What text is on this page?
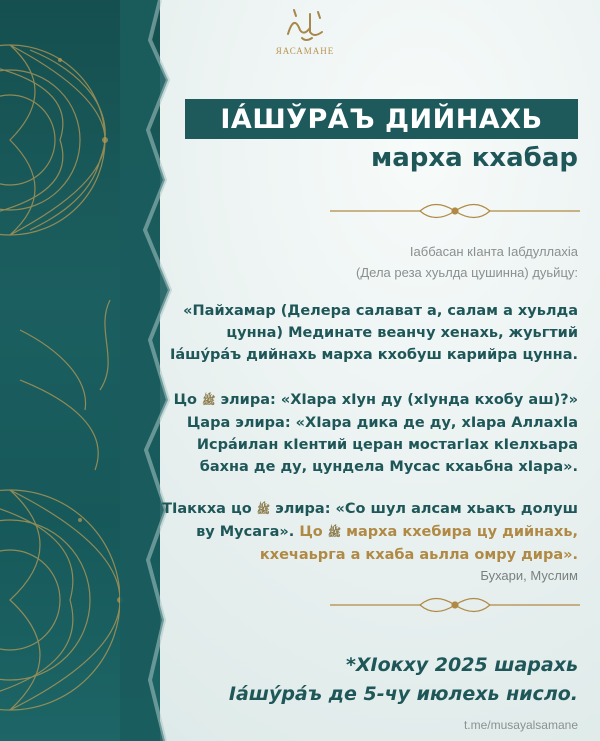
ЯАСАМАНЕ
IÁШЎРÁЪ ДИЙНАХЬ
марха кхабар
Iаббасан кIанта Iабдуллахiа
(Дела реза хуьлда цушинна) дуьйцу:
«Пайхамар (Делера салават а, салам а хуьлда
цунна) Мединате веанчу хенахь, жуьгтий
Iáшýрáъ дийнахь марха кхобуш карийра цунна.
Цо ﷺ элира: «ХIара хIун ду (хIунда кхобу аш)?»
Цара элира: «ХIара дика де ду, хIара АллахIа
Исрáилан кIентий церан мостагIах кIелхьара
бахна де ду, цундела Мусас кхаьбна хIара».
ТIаккха цо ﷺ элира: «Со шул алсам хьакъ долуш
ву Мусага». Цо ﷺ марха кхебира цу дийнахь,
кхечаьрга а кхаба аьлла омру дира».
Бухари, Муслим
*ХIокху 2025 шарахь
Iáшýрáъ де 5-чу июлехь нисло.
t.me/musayalsamane
